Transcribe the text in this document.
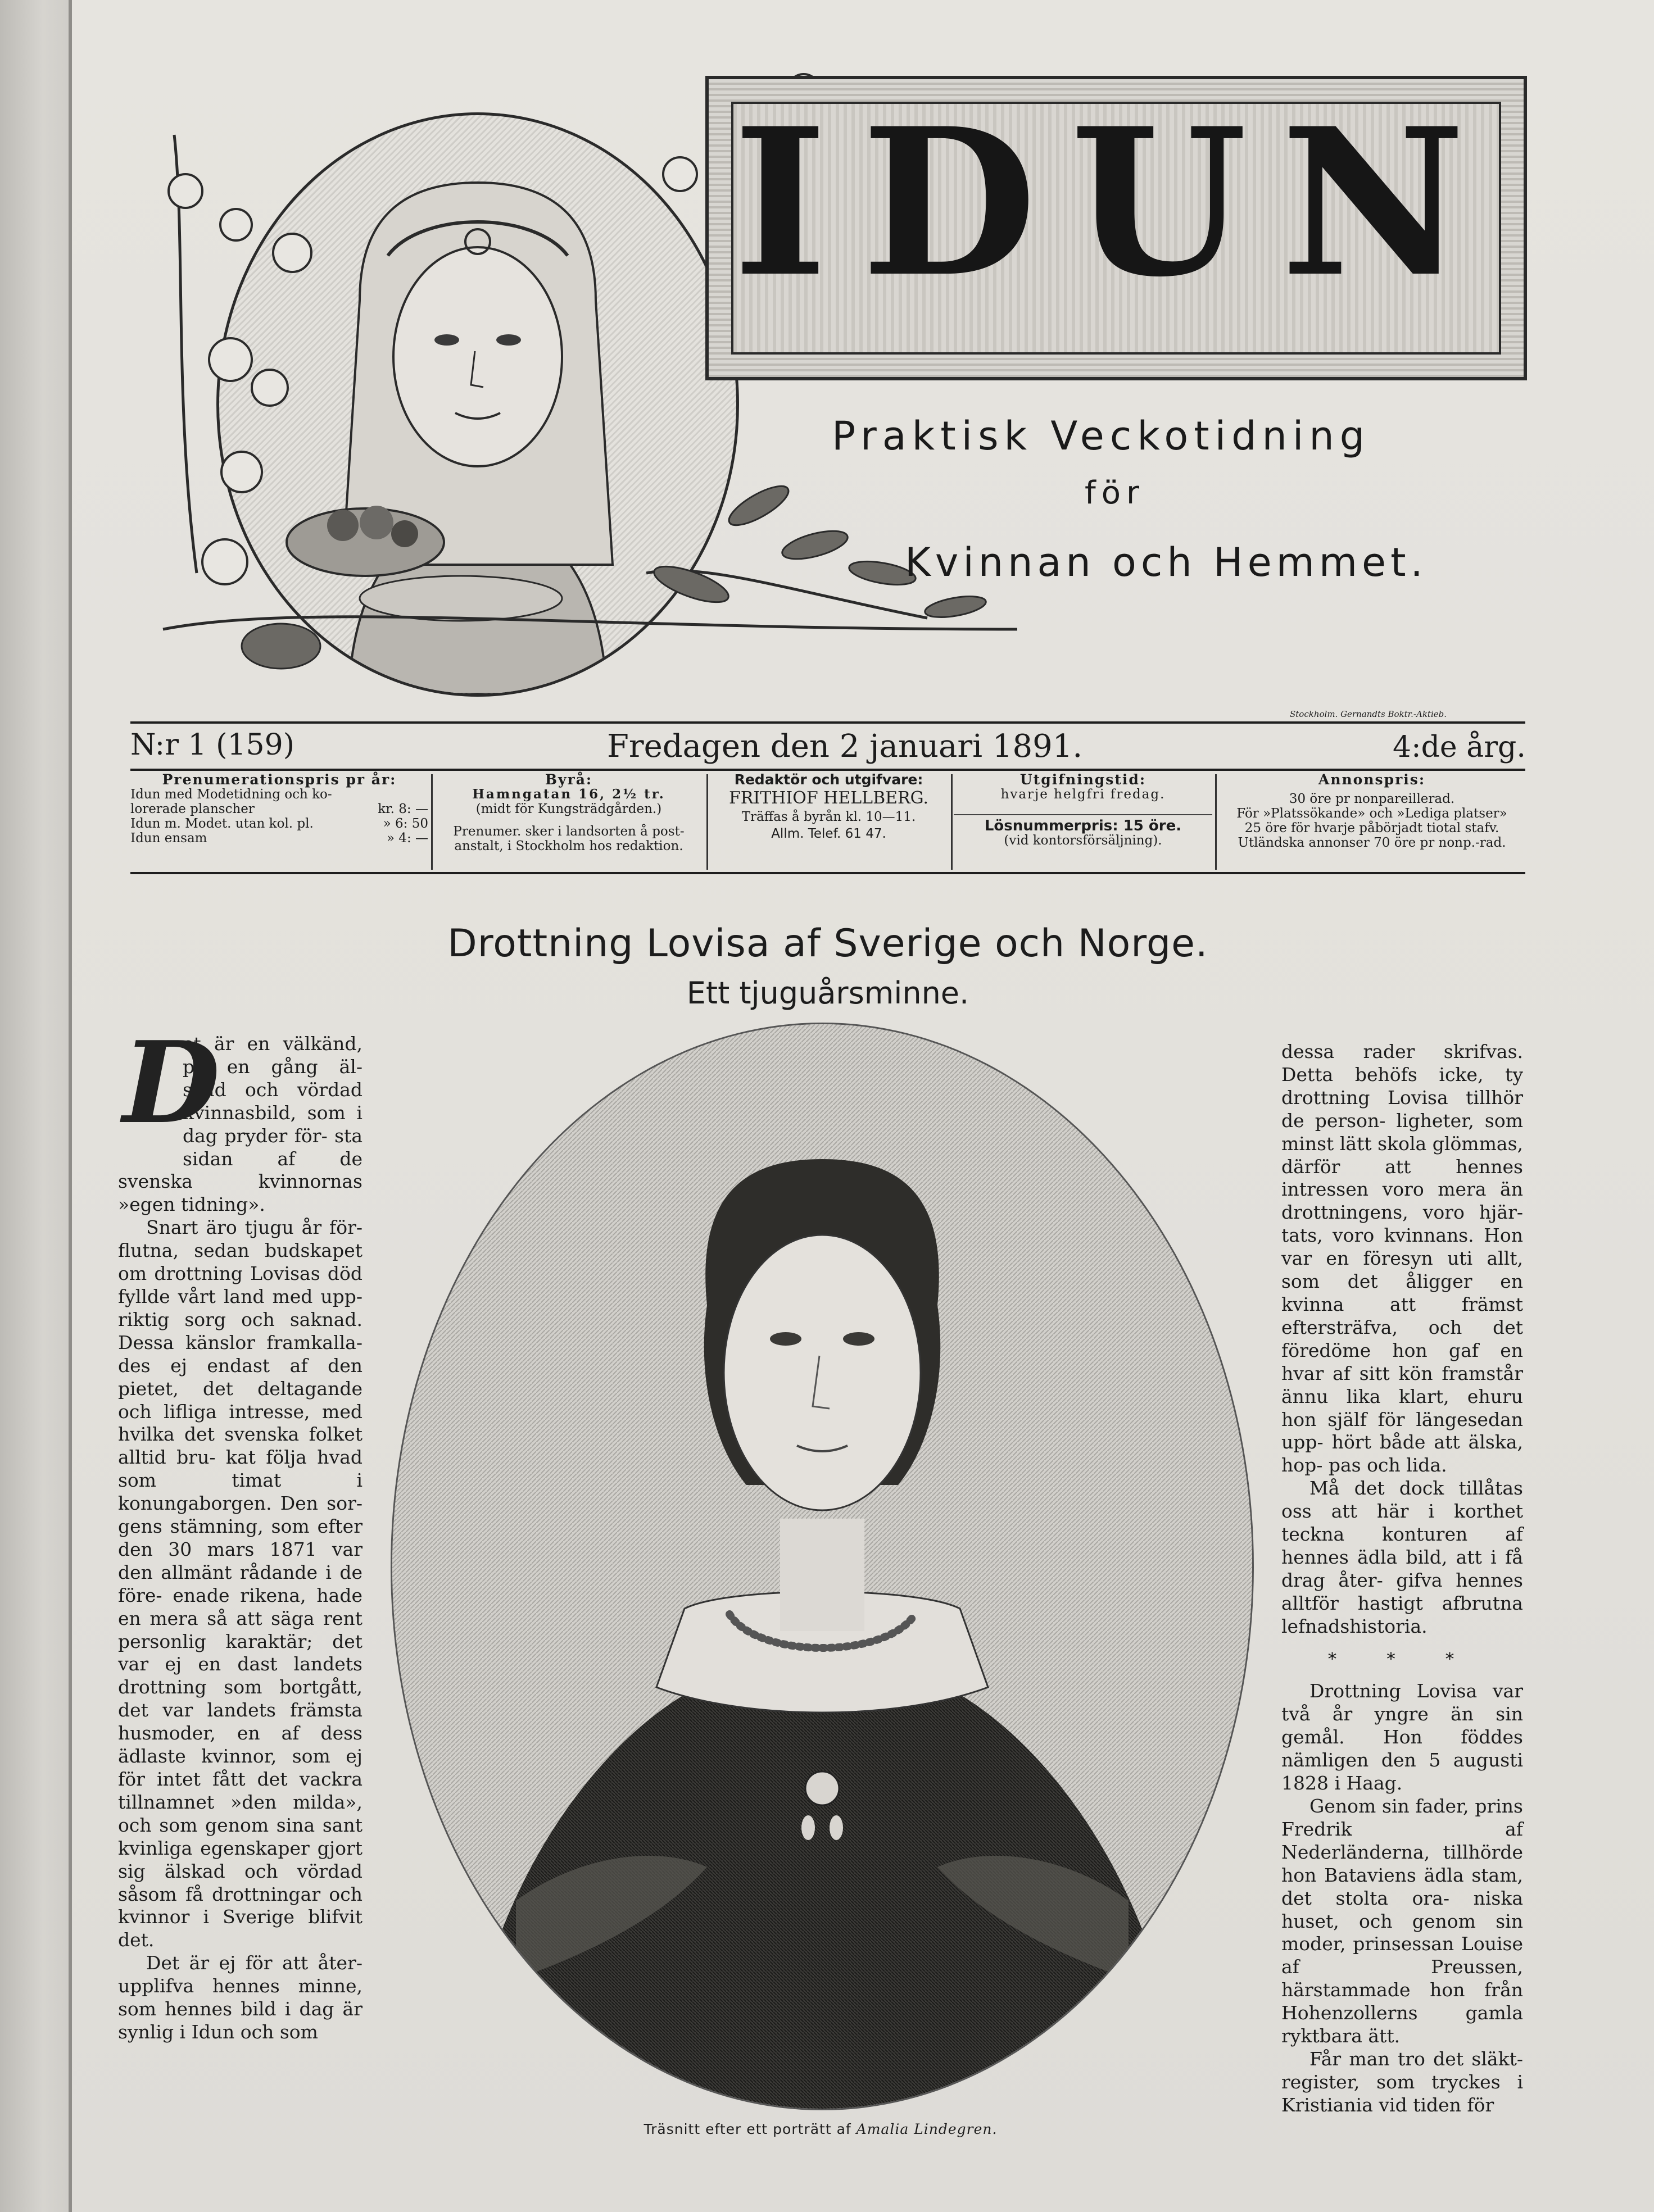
IDUN
Praktisk Veckotidning
för
Kvinnan och Hemmet.
Stockholm. Gernandts Boktr.-Aktieb.
N:r 1 (159)	Fredagen den 2 januari 1891.	4:de årg.
Prenumerationspris pr år:
Idun med Modetidning och ko-
lorerade planscher	kr. 8: —
Idun m. Modet. utan kol. pl.	» 6: 50
Idun ensam	» 4: —
Byrå:
Hamngatan 16, 2½ tr.
(midt för Kungsträdgården.)
Prenumer. sker i landsorten å post-
anstalt, i Stockholm hos redaktion.
Redaktör och utgifvare:
FRITHIOF HELLBERG.
Träffas å byrån kl. 10—11.
Allm. Telef. 61 47.
Utgifningstid:
hvarje helgfri fredag.
Lösnummerpris: 15 öre.
(vid kontorsförsäljning).
Annonspris:
30 öre pr nonpareillerad.
För »Platssökande» och »Lediga platser»
25 öre för hvarje påbörjadt tiotal stafv.
Utländska annonser 70 öre pr nonp.-rad.
Drottning Lovisa af Sverige och Norge.
Ett tjuguårsminne.
D

et är en välkänd, på en gång äl- skad och vördad kvinnasbild, som i dag pryder för- sta sidan af de svenska kvinnornas »egen tidning».

Snart äro tjugu år för- flutna, sedan budskapet om drottning Lovisas död fyllde vårt land med upp- riktig sorg och saknad. Dessa känslor framkalla- des ej endast af den pietet, det deltagande och lifliga intresse, med hvilka det svenska folket alltid bru- kat följa hvad som timat i konungaborgen. Den sor- gens stämning, som efter den 30 mars 1871 var den allmänt rådande i de före- enade rikena, hade en mera så att säga rent personlig karaktär; det var ej en dast landets drottning som bortgått, det var landets främsta husmoder, en af dess ädlaste kvinnor, som ej för intet fått det vackra tillnamnet »den milda», och som genom sina sant kvinliga egenskaper gjort sig älskad och vördad såsom få drottningar och kvinnor i Sverige blifvit det.

Det är ej för att åter- upplifva hennes minne, som hennes bild i dag är synlig i Idun och som

Träsnitt efter ett porträtt af Amalia Lindegren.

dessa rader skrifvas. Detta behöfs icke, ty drottning Lovisa tillhör de person- ligheter, som minst lätt skola glömmas, därför att hennes intressen voro mera än drottningens, voro hjär- tats, voro kvinnans. Hon var en föresyn uti allt, som det åligger en kvinna att främst eftersträfva, och det föredöme hon gaf en hvar af sitt kön framstår ännu lika klart, ehuru hon själf för längesedan upp- hört både att älska, hop- pas och lida.

Må det dock tillåtas oss att här i korthet teckna konturen af hennes ädla bild, att i få drag åter- gifva hennes alltför hastigt afbrutna lefnadshistoria.

* * *

Drottning Lovisa var två år yngre än sin gemål. Hon föddes nämligen den 5 augusti 1828 i Haag.

Genom sin fader, prins Fredrik af Nederländerna, tillhörde hon Bataviens ädla stam, det stolta ora- niska huset, och genom sin moder, prinsessan Louise af Preussen, härstammade hon från Hohenzollerns gamla ryktbara ätt.

Får man tro det släkt- register, som tryckes i Kristiania vid tiden för
